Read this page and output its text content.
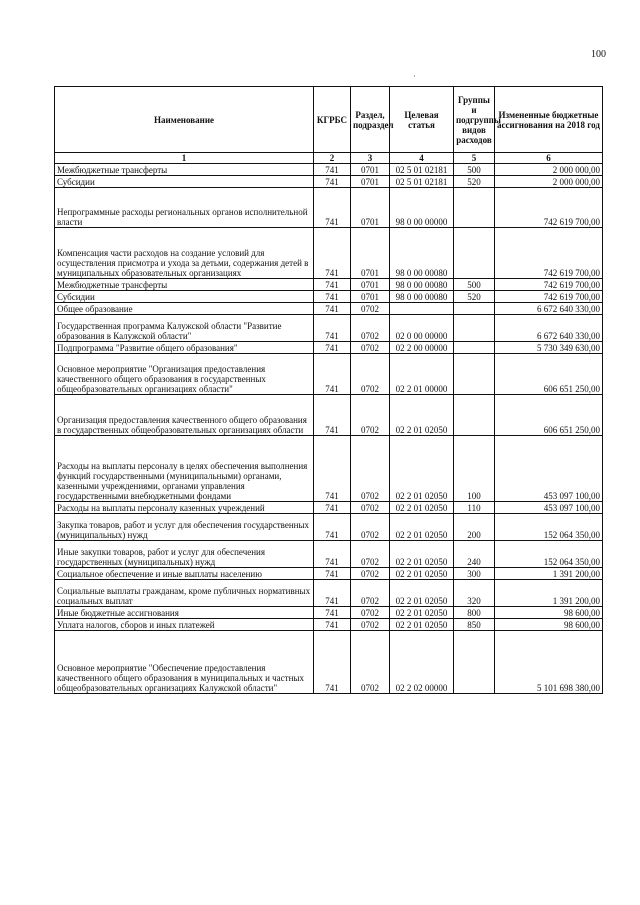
100
·
Наименование	КГРБС	Раздел, подраздел	Целевая статья	Группы и подгруппы видов расходов	Измененные бюджетные ассигнования на 2018 год
1	2	3	4	5	6
Межбюджетные трансферты	741	0701	02 5 01 02181	500	2 000 000,00
Субсидии	741	0701	02 5 01 02181	520	2 000 000,00
Непрограммные расходы региональных органов исполнительной власти	741	0701	98 0 00 00000		742 619 700,00
Компенсация части расходов на создание условий для осуществления присмотра и ухода за детьми, содержания детей в муниципальных образовательных организациях	741	0701	98 0 00 00080		742 619 700,00
Межбюджетные трансферты	741	0701	98 0 00 00080	500	742 619 700,00
Субсидии	741	0701	98 0 00 00080	520	742 619 700,00
Общее образование	741	0702			6 672 640 330,00
Государственная программа Калужской области "Развитие образования в Калужской области"	741	0702	02 0 00 00000		6 672 640 330,00
Подпрограмма "Развитие общего образования"	741	0702	02 2 00 00000		5 730 349 630,00
Основное мероприятие "Организация предоставления качественного общего образования в государственных общеобразовательных организациях области"	741	0702	02 2 01 00000		606 651 250,00
Организация предоставления качественного общего образования в государственных общеобразовательных организациях области	741	0702	02 2 01 02050		606 651 250,00
Расходы на выплаты персоналу в целях обеспечения выполнения функций государственными (муниципальными) органами, казенными учреждениями, органами управления государственными внебюджетными фондами	741	0702	02 2 01 02050	100	453 097 100,00
Расходы на выплаты персоналу казенных учреждений	741	0702	02 2 01 02050	110	453 097 100,00
Закупка товаров, работ и услуг для обеспечения государственных (муниципальных) нужд	741	0702	02 2 01 02050	200	152 064 350,00
Иные закупки товаров, работ и услуг для обеспечения государственных (муниципальных) нужд	741	0702	02 2 01 02050	240	152 064 350,00
Социальное обеспечение и иные выплаты населению	741	0702	02 2 01 02050	300	1 391 200,00
Социальные выплаты гражданам, кроме публичных нормативных социальных выплат	741	0702	02 2 01 02050	320	1 391 200,00
Иные бюджетные ассигнования	741	0702	02 2 01 02050	800	98 600,00
Уплата налогов, сборов и иных платежей	741	0702	02 2 01 02050	850	98 600,00
Основное мероприятие "Обеспечение предоставления качественного общего образования в муниципальных и частных общеобразовательных организациях Калужской области"	741	0702	02 2 02 00000		5 101 698 380,00
